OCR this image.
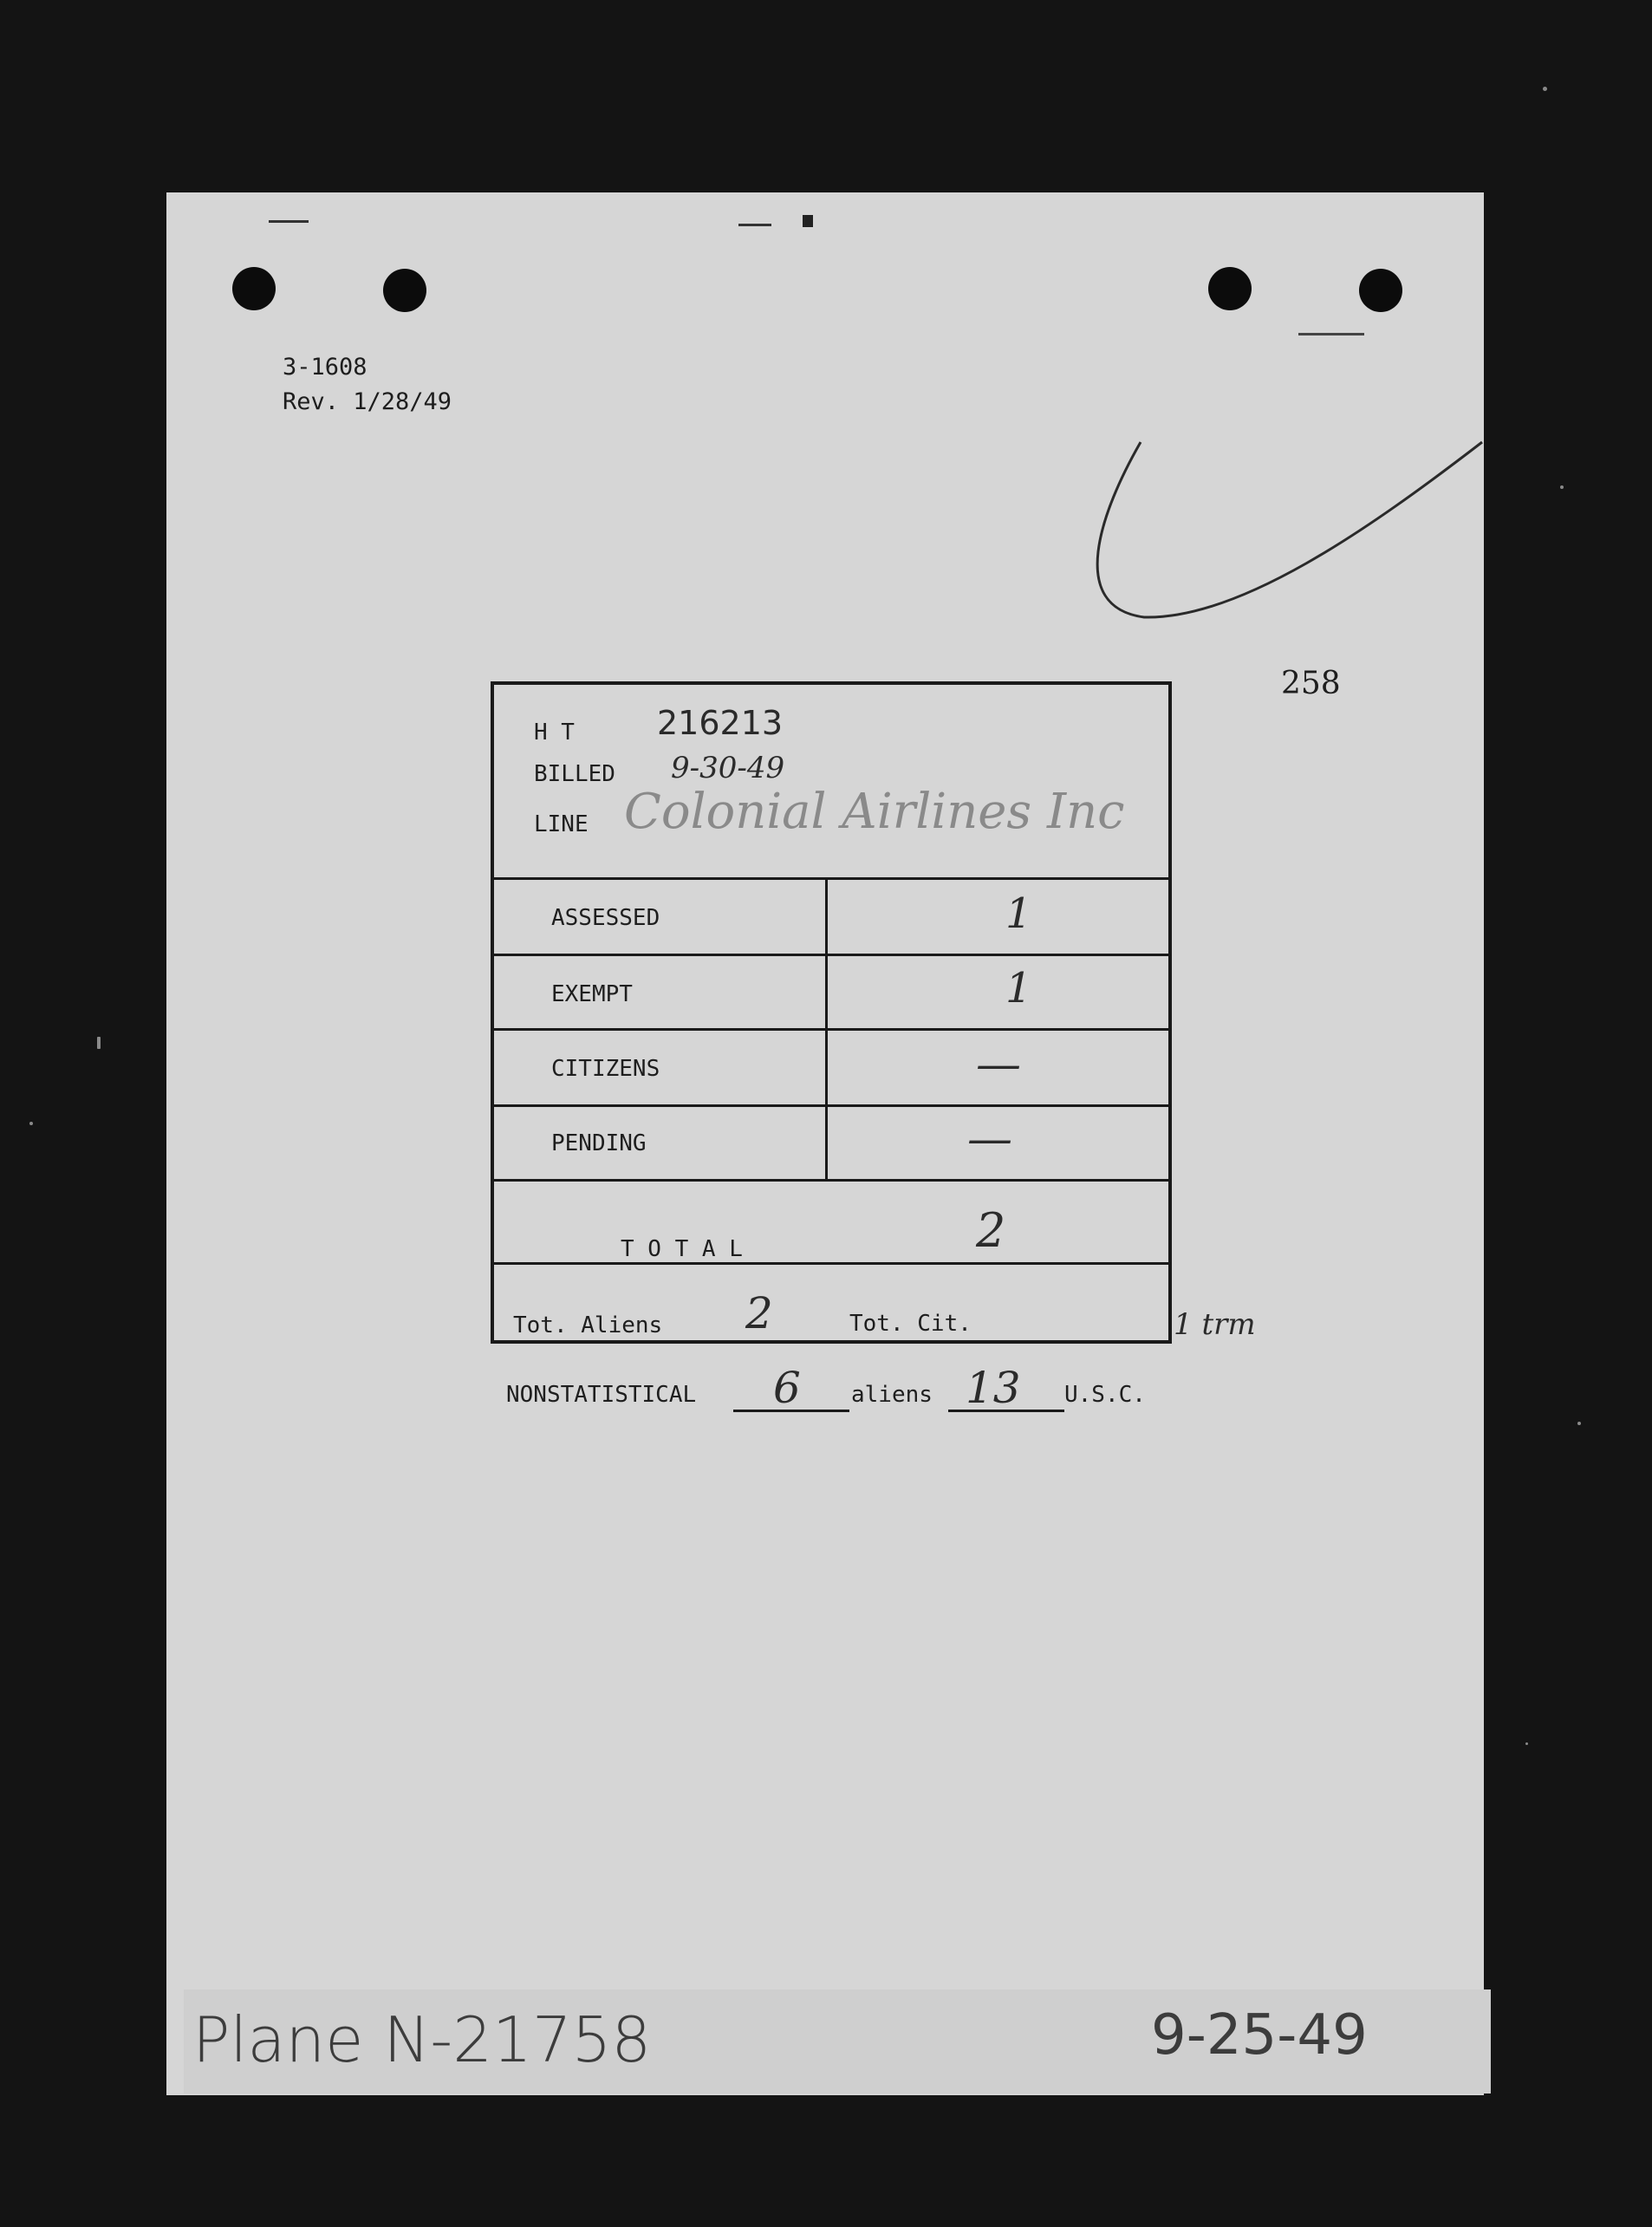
3-1608
Rev. 1/28/49
258
H T	216213
BILLED 9-30-49
LINE Colonial Airlines Inc
ASSESSED	1
EXEMPT	1
CITIZENS	—
PENDING	—
T O T A L	2
Tot. Aliens 2	Tot. Cit.	1 trm
NONSTATISTICAL 6 aliens 13 U.S.C.
Plane N-21758	9-25-49
